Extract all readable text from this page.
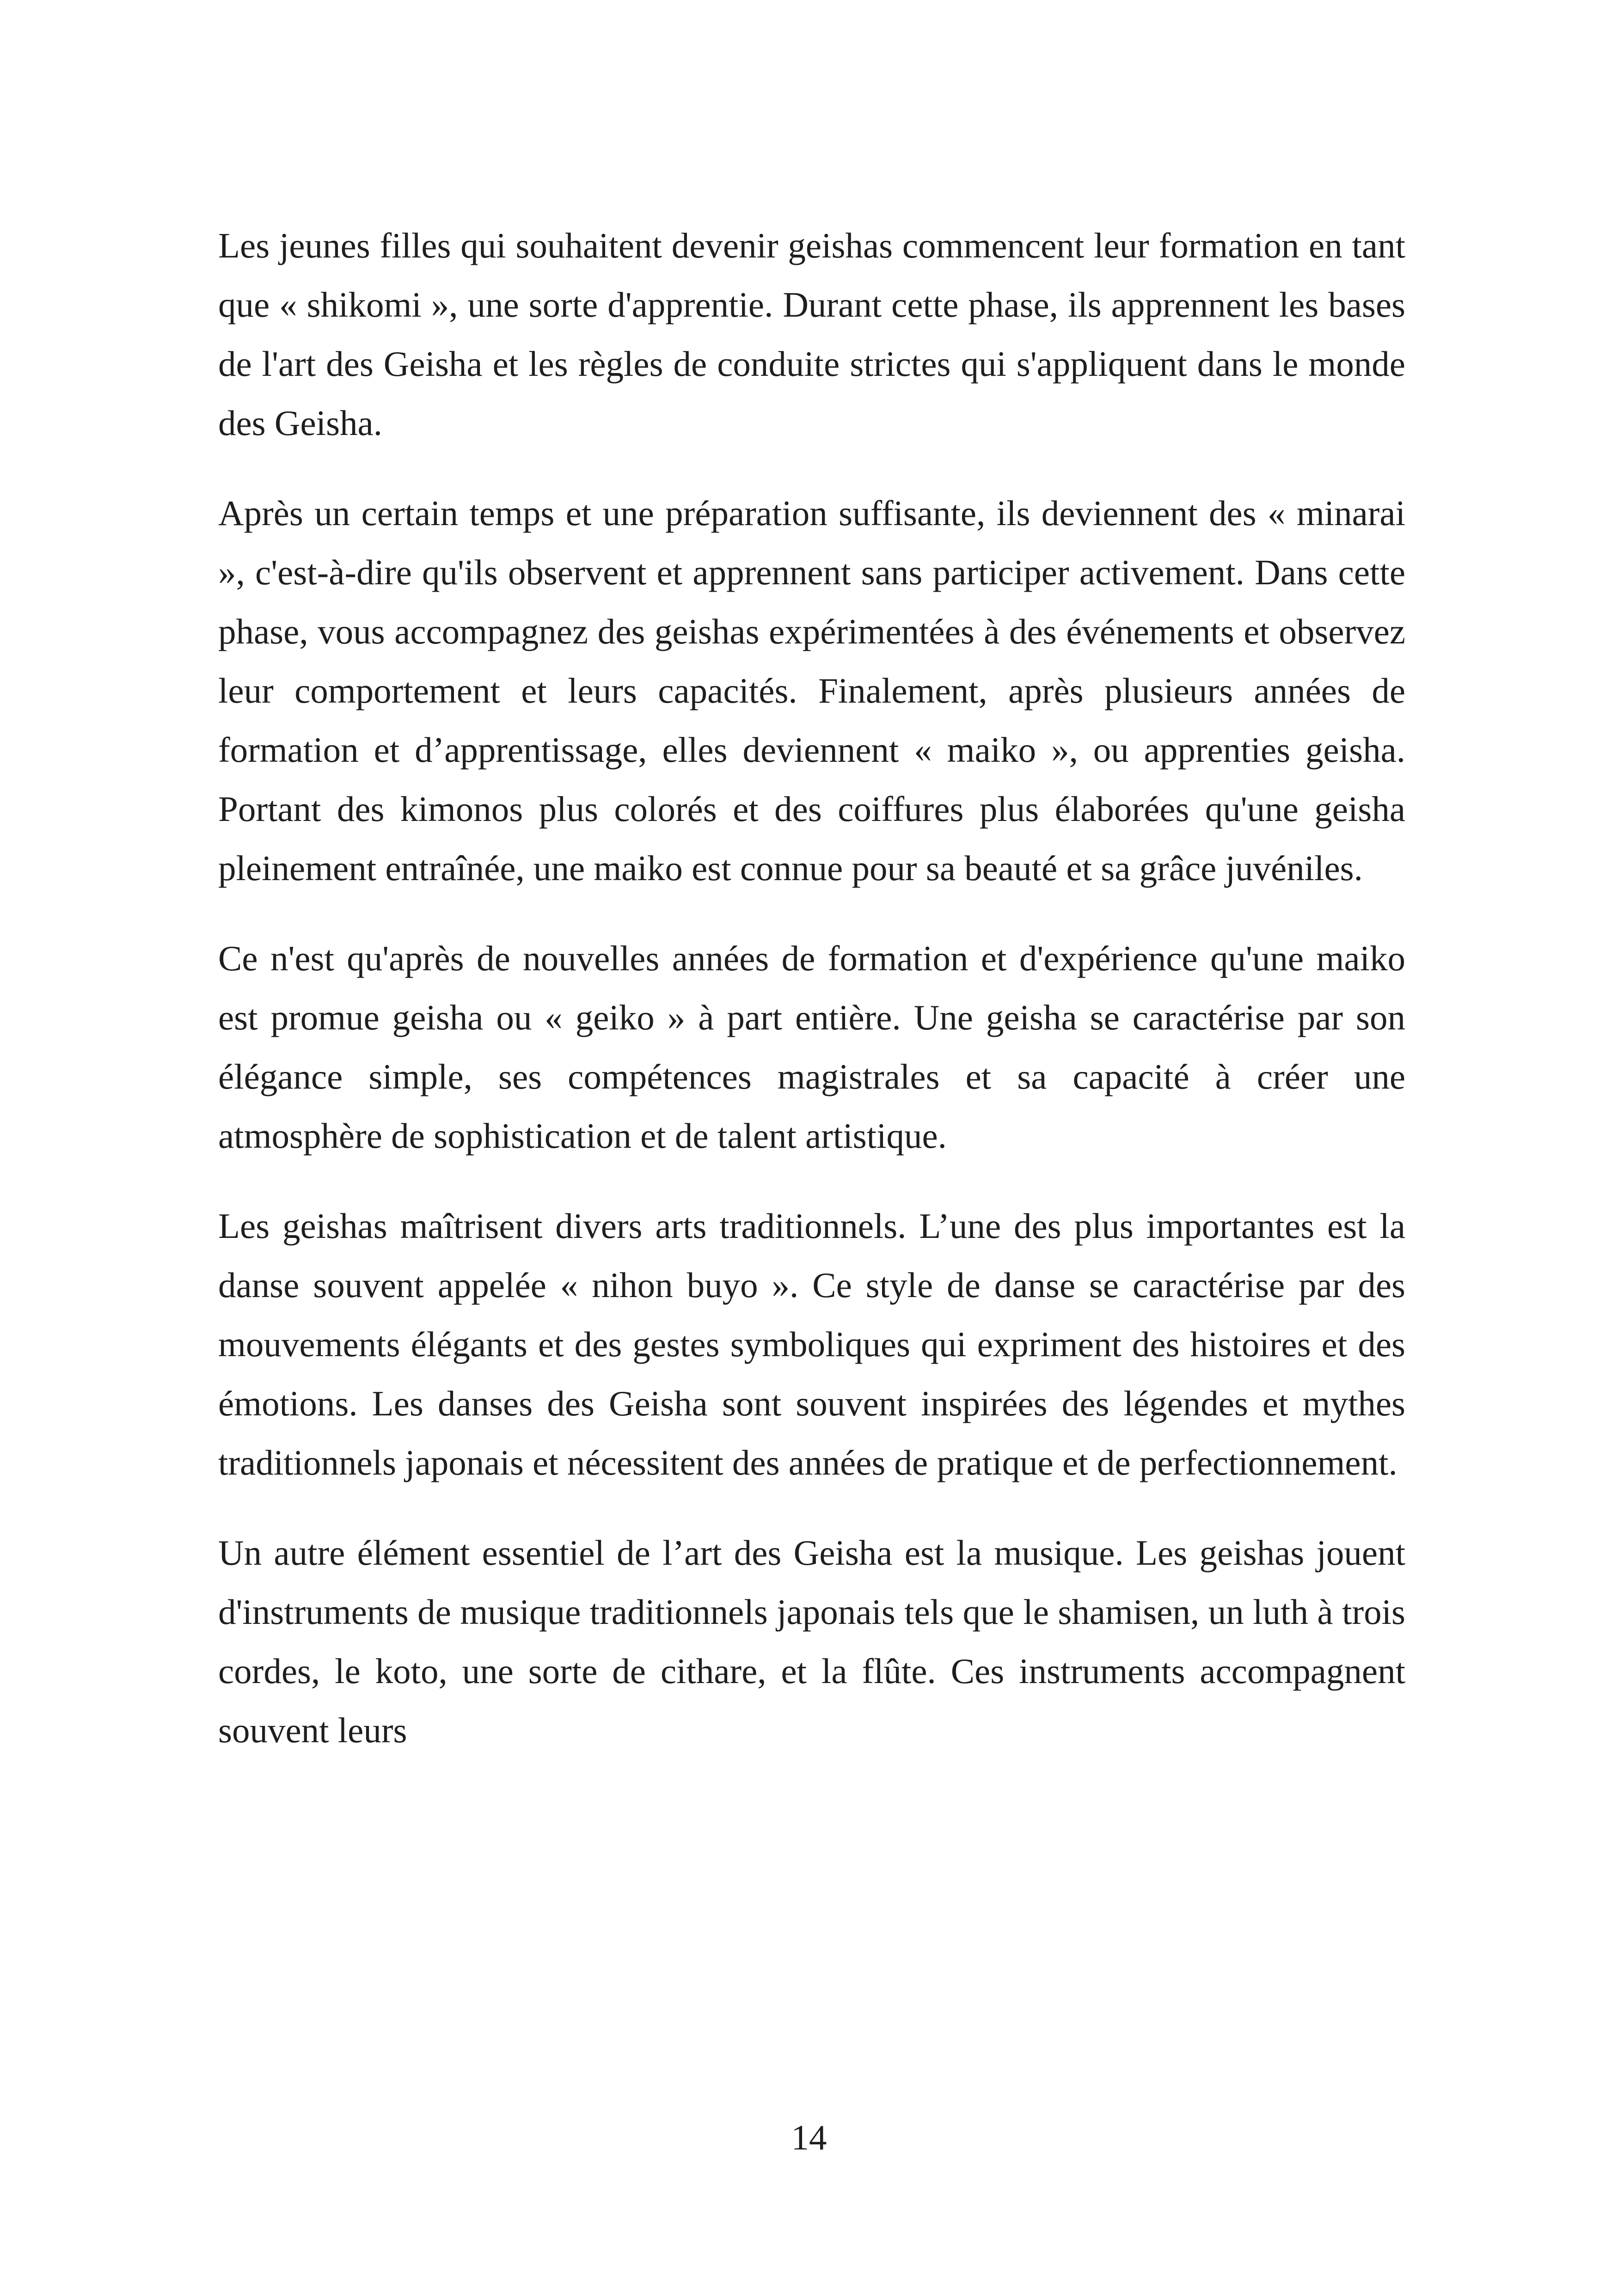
Les jeunes filles qui souhaitent devenir geishas commencent leur formation en tant que « shikomi », une sorte d'apprentie. Durant cette phase, ils apprennent les bases de l'art des Geisha et les règles de conduite strictes qui s'appliquent dans le monde des Geisha.

Après un certain temps et une préparation suffisante, ils deviennent des « minarai », c'est-à-dire qu'ils observent et apprennent sans participer activement. Dans cette phase, vous accompagnez des geishas expérimentées à des événements et observez leur comportement et leurs capacités. Finalement, après plusieurs années de formation et d’apprentissage, elles deviennent « maiko », ou apprenties geisha. Portant des kimonos plus colorés et des coiffures plus élaborées qu'une geisha pleinement entraînée, une maiko est connue pour sa beauté et sa grâce juvéniles.

Ce n'est qu'après de nouvelles années de formation et d'expérience qu'une maiko est promue geisha ou « geiko » à part entière. Une geisha se caractérise par son élégance simple, ses compétences magistrales et sa capacité à créer une atmosphère de sophistication et de talent artistique.

Les geishas maîtrisent divers arts traditionnels. L’une des plus importantes est la danse souvent appelée « nihon buyo ». Ce style de danse se caractérise par des mouvements élégants et des gestes symboliques qui expriment des histoires et des émotions. Les danses des Geisha sont souvent inspirées des légendes et mythes traditionnels japonais et nécessitent des années de pratique et de perfectionnement.

Un autre élément essentiel de l’art des Geisha est la musique. Les geishas jouent d'instruments de musique traditionnels japonais tels que le shamisen, un luth à trois cordes, le koto, une sorte de cithare, et la flûte. Ces instruments accompagnent souvent leurs

14
